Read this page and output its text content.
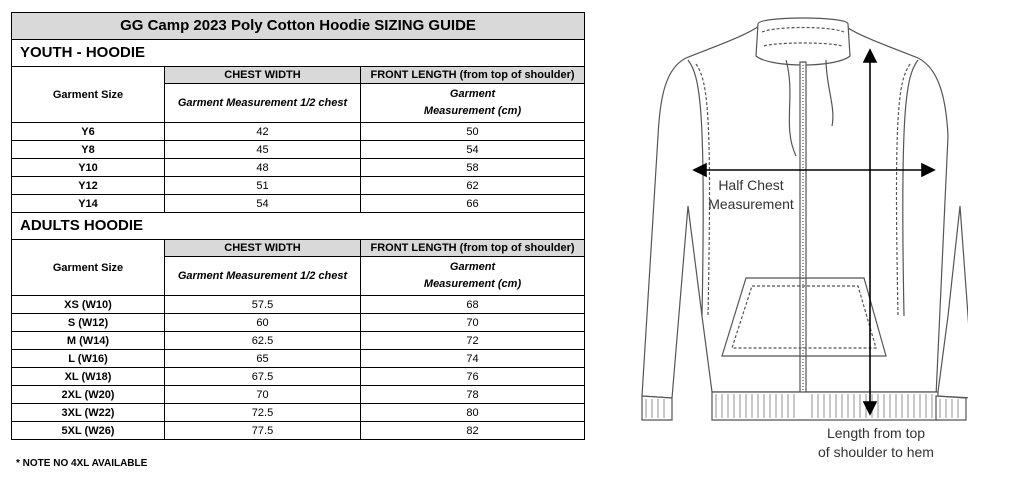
GG Camp 2023 Poly Cotton Hoodie SIZING GUIDE		
YOUTH - HOODIE		
Garment Size	CHEST WIDTH	FRONT LENGTH (from top of shoulder)
	Garment Measurement 1/2 chest	Garment
Measurement (cm)
Y6	42	50
Y8	45	54
Y10	48	58
Y12	51	62
Y14	54	66
ADULTS HOODIE		
Garment Size	CHEST WIDTH	FRONT LENGTH (from top of shoulder)
	Garment Measurement 1/2 chest	Garment
Measurement (cm)
XS (W10)	57.5	68
S (W12)	60	70
M (W14)	62.5	72
L (W16)	65	74
XL (W18)	67.5	76
2XL (W20)	70	78
3XL (W22)	72.5	80
5XL (W26)	77.5	82
* NOTE NO 4XL AVAILABLE
Half Chest
Measurement
Length from top
of shoulder to hem
